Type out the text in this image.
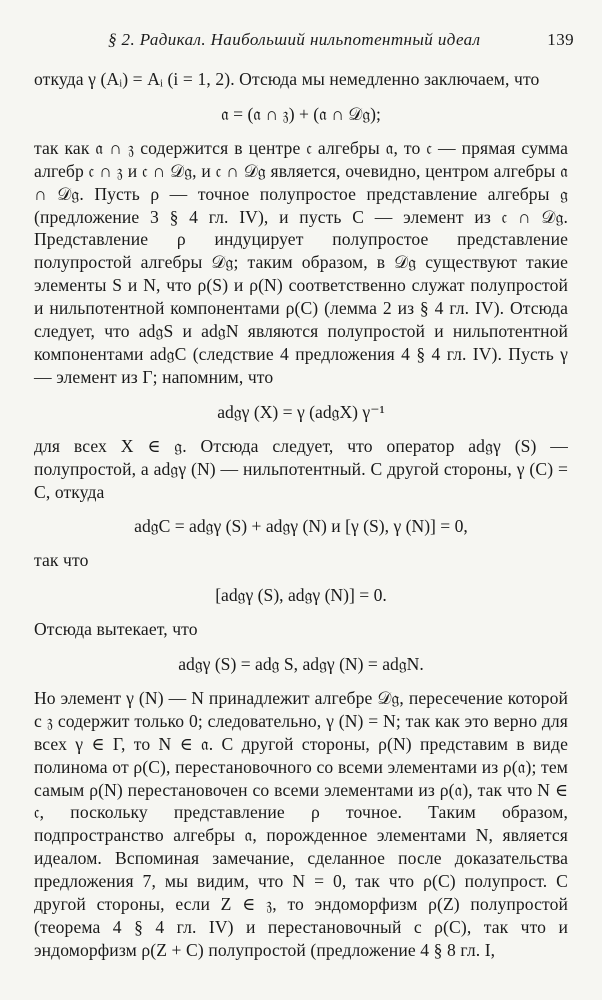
§ 2. Радикал. Наибольший нильпотентный идеал	139

откуда γ (Aᵢ) = Aᵢ (i = 1, 2). Отсюда мы немедленно заключаем, что

𝔞 = (𝔞 ∩ 𝔷) + (𝔞 ∩ 𝒟𝔤);

так как 𝔞 ∩ 𝔷 содержится в центре 𝔠 алгебры 𝔞, то 𝔠 — прямая сумма алгебр 𝔠 ∩ 𝔷 и 𝔠 ∩ 𝒟𝔤, и 𝔠 ∩ 𝒟𝔤 является, очевидно, центром алгебры 𝔞 ∩ 𝒟𝔤. Пусть ρ — точное полупростое представление алгебры 𝔤 (предложение 3 § 4 гл. IV), и пусть C — элемент из 𝔠 ∩ 𝒟𝔤. Представление ρ индуцирует полупростое представление полупростой алгебры 𝒟𝔤; таким образом, в 𝒟𝔤 существуют такие элементы S и N, что ρ(S) и ρ(N) соответственно служат полупростой и нильпотентной компонентами ρ(C) (лемма 2 из § 4 гл. IV). Отсюда следует, что ad𝔤S и ad𝔤N являются полупростой и нильпотентной компонентами ad𝔤C (следствие 4 предложения 4 § 4 гл. IV). Пусть γ — элемент из Γ; напомним, что

ad𝔤γ (X) = γ (ad𝔤X) γ⁻¹

для всех X ∈ 𝔤. Отсюда следует, что оператор ad𝔤γ (S) — полупростой, а ad𝔤γ (N) — нильпотентный. С другой стороны, γ (C) = C, откуда

ad𝔤C = ad𝔤γ (S) + ad𝔤γ (N) и [γ (S), γ (N)] = 0,

так что

[ad𝔤γ (S), ad𝔤γ (N)] = 0.

Отсюда вытекает, что

ad𝔤γ (S) = ad𝔤 S, ad𝔤γ (N) = ad𝔤N.

Но элемент γ (N) — N принадлежит алгебре 𝒟𝔤, пересечение которой с 𝔷 содержит только 0; следовательно, γ (N) = N; так как это верно для всех γ ∈ Γ, то N ∈ 𝔞. С другой стороны, ρ(N) представим в виде полинома от ρ(C), перестановочного со всеми элементами из ρ(𝔞); тем самым ρ(N) перестановочен со всеми элементами из ρ(𝔞), так что N ∈ 𝔠, поскольку представление ρ точное. Таким образом, подпространство алгебры 𝔞, порожденное элементами N, является идеалом. Вспоминая замечание, сделанное после доказательства предложения 7, мы видим, что N = 0, так что ρ(C) полупрост. С другой стороны, если Z ∈ 𝔷, то эндоморфизм ρ(Z) полупростой (теорема 4 § 4 гл. IV) и перестановочный с ρ(C), так что и эндоморфизм ρ(Z + C) полупростой (предложение 4 § 8 гл. I,
